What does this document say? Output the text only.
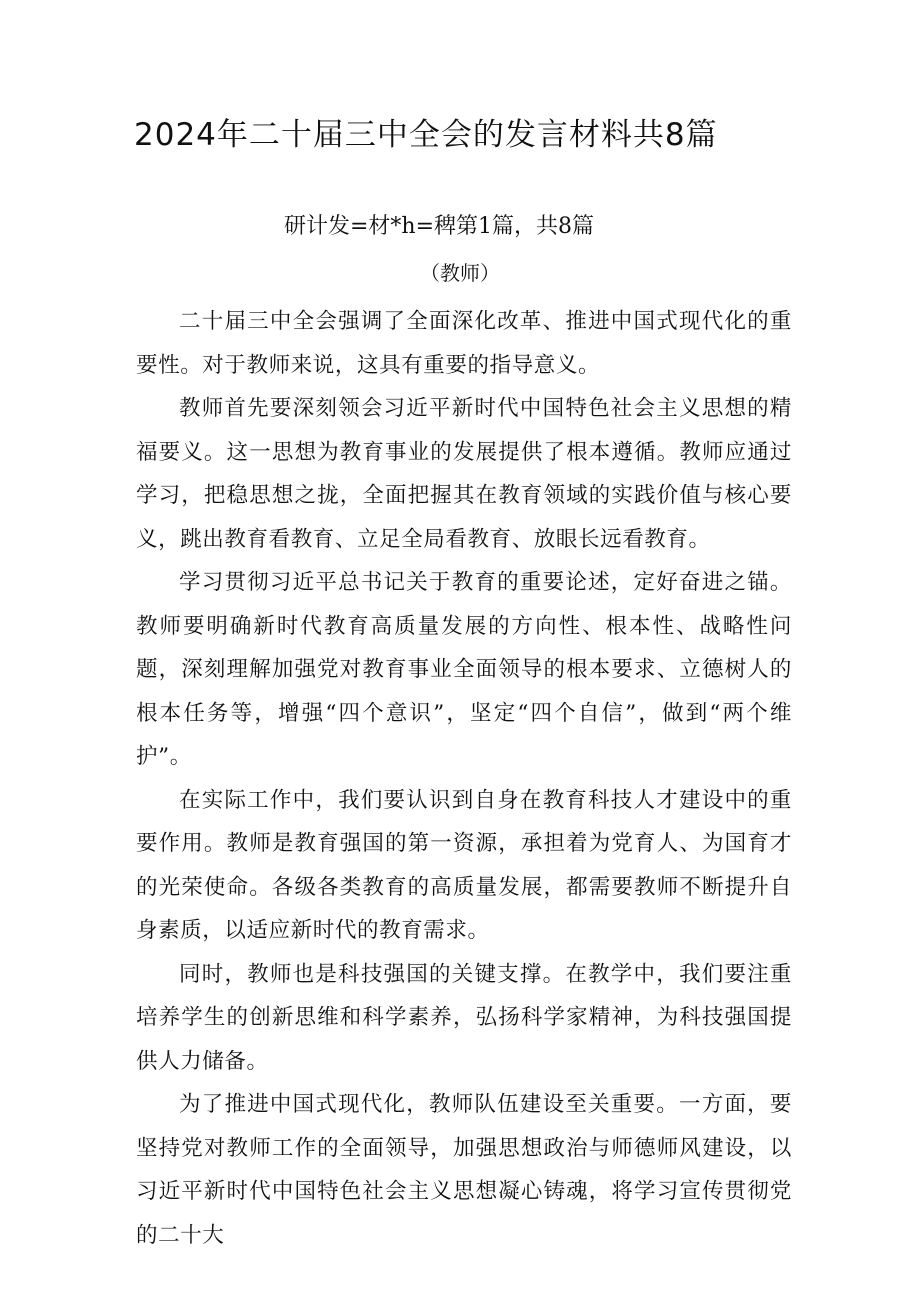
2024年二十届三中全会的发言材料共8篇
研计发=材*h=稗第1篇，共8篇
（教师）

二十届三中全会强调了全面深化改革、推进中国式现代化的重要性。对于教师来说，这具有重要的指导意义。

教师首先要深刻领会习近平新时代中国特色社会主义思想的精福要义。这一思想为教育事业的发展提供了根本遵循。教师应通过学习，把稳思想之拢，全面把握其在教育领域的实践价值与核心要义，跳出教育看教育、立足全局看教育、放眼长远看教育。

学习贯彻习近平总书记关于教育的重要论述，定好奋进之锚。教师要明确新时代教育高质量发展的方向性、根本性、战略性问题，深刻理解加强党对教育事业全面领导的根本要求、立德树人的根本任务等，增强“四个意识”，坚定“四个自信”，做到“两个维护”。

在实际工作中，我们要认识到自身在教育科技人才建设中的重要作用。教师是教育强国的第一资源，承担着为党育人、为国育才的光荣使命。各级各类教育的高质量发展，都需要教师不断提升自身素质，以适应新时代的教育需求。

同时，教师也是科技强国的关键支撑。在教学中，我们要注重培养学生的创新思维和科学素养，弘扬科学家精神，为科技强国提供人力储备。

为了推进中国式现代化，教师队伍建设至关重要。一方面，要坚持党对教师工作的全面领导，加强思想政治与师德师风建设，以习近平新时代中国特色社会主义思想凝心铸魂，将学习宣传贯彻党的二十大
